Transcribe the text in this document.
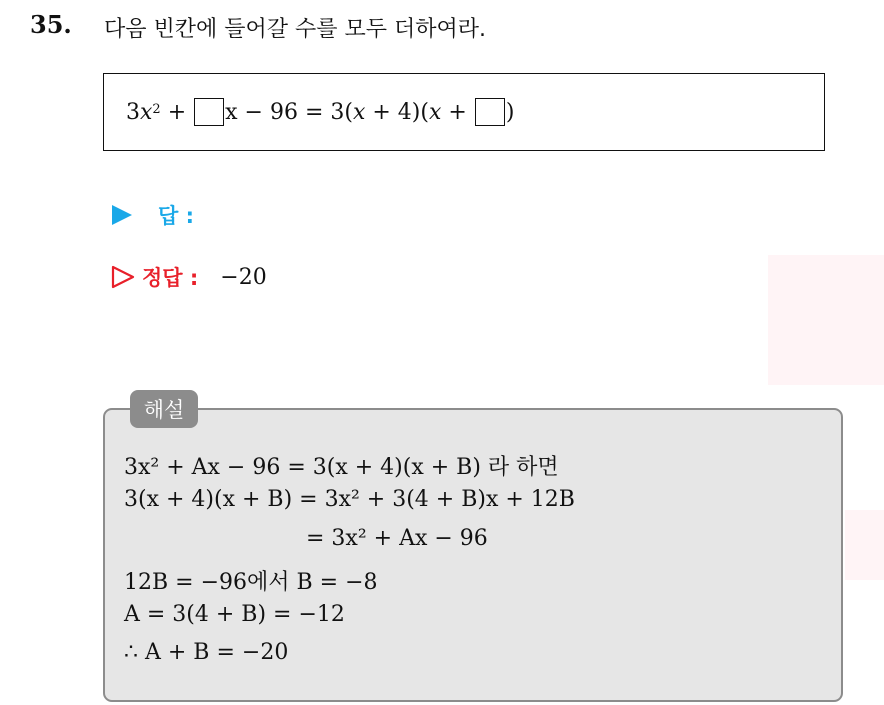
35. 다음 빈칸에 들어갈 수를 모두 더하여라.
3 $x^2 + x - 96 = 3$( x + 4)( x + )
답 :
정답 : −20
해설
3x² + Ax − 96 = 3(x + 4)(x + B) 라 하면
3(x + 4)(x + B) = 3x² + 3(4 + B)x + 12B
= 3x² + Ax − 96
12B = −96에서 B = −8
A = 3(4 + B) = −12
∴ A + B = −20
